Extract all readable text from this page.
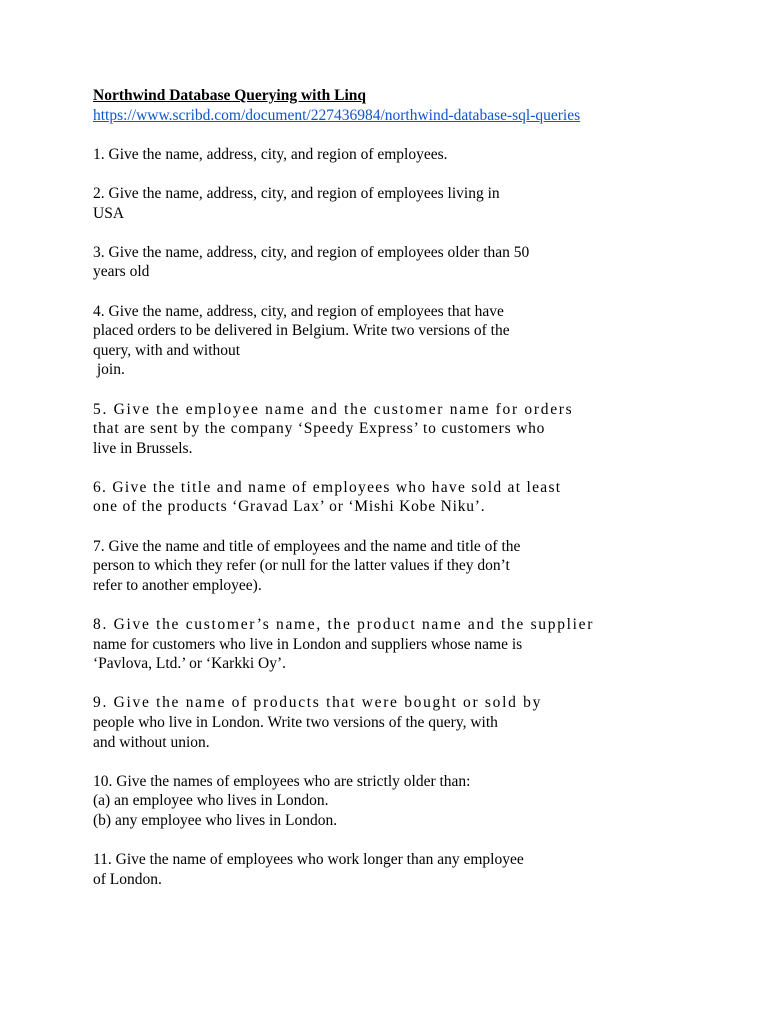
Northwind Database Querying with Linq
https://www.scribd.com/document/227436984/northwind-database-sql-queries
1. Give the name, address, city, and region of employees.
2. Give the name, address, city, and region of employees living in
USA
3. Give the name, address, city, and region of employees older than 50
years old
4. Give the name, address, city, and region of employees that have
placed orders to be delivered in Belgium. Write two versions of the
query, with and without
join.
5. Give the employee name and the customer name for orders
that are sent by the company ‘Speedy Express’ to customers who
live in Brussels.
6. Give the title and name of employees who have sold at least
one of the products ‘Gravad Lax’ or ‘Mishi Kobe Niku’.
7. Give the name and title of employees and the name and title of the
person to which they refer (or null for the latter values if they don’t
refer to another employee).
8. Give the customer’s name, the product name and the supplier
name for customers who live in London and suppliers whose name is
‘Pavlova, Ltd.’ or ‘Karkki Oy’.
9. Give the name of products that were bought or sold by
people who live in London. Write two versions of the query, with
and without union.
10. Give the names of employees who are strictly older than:
(a) an employee who lives in London.
(b) any employee who lives in London.
11. Give the name of employees who work longer than any employee
of London.
